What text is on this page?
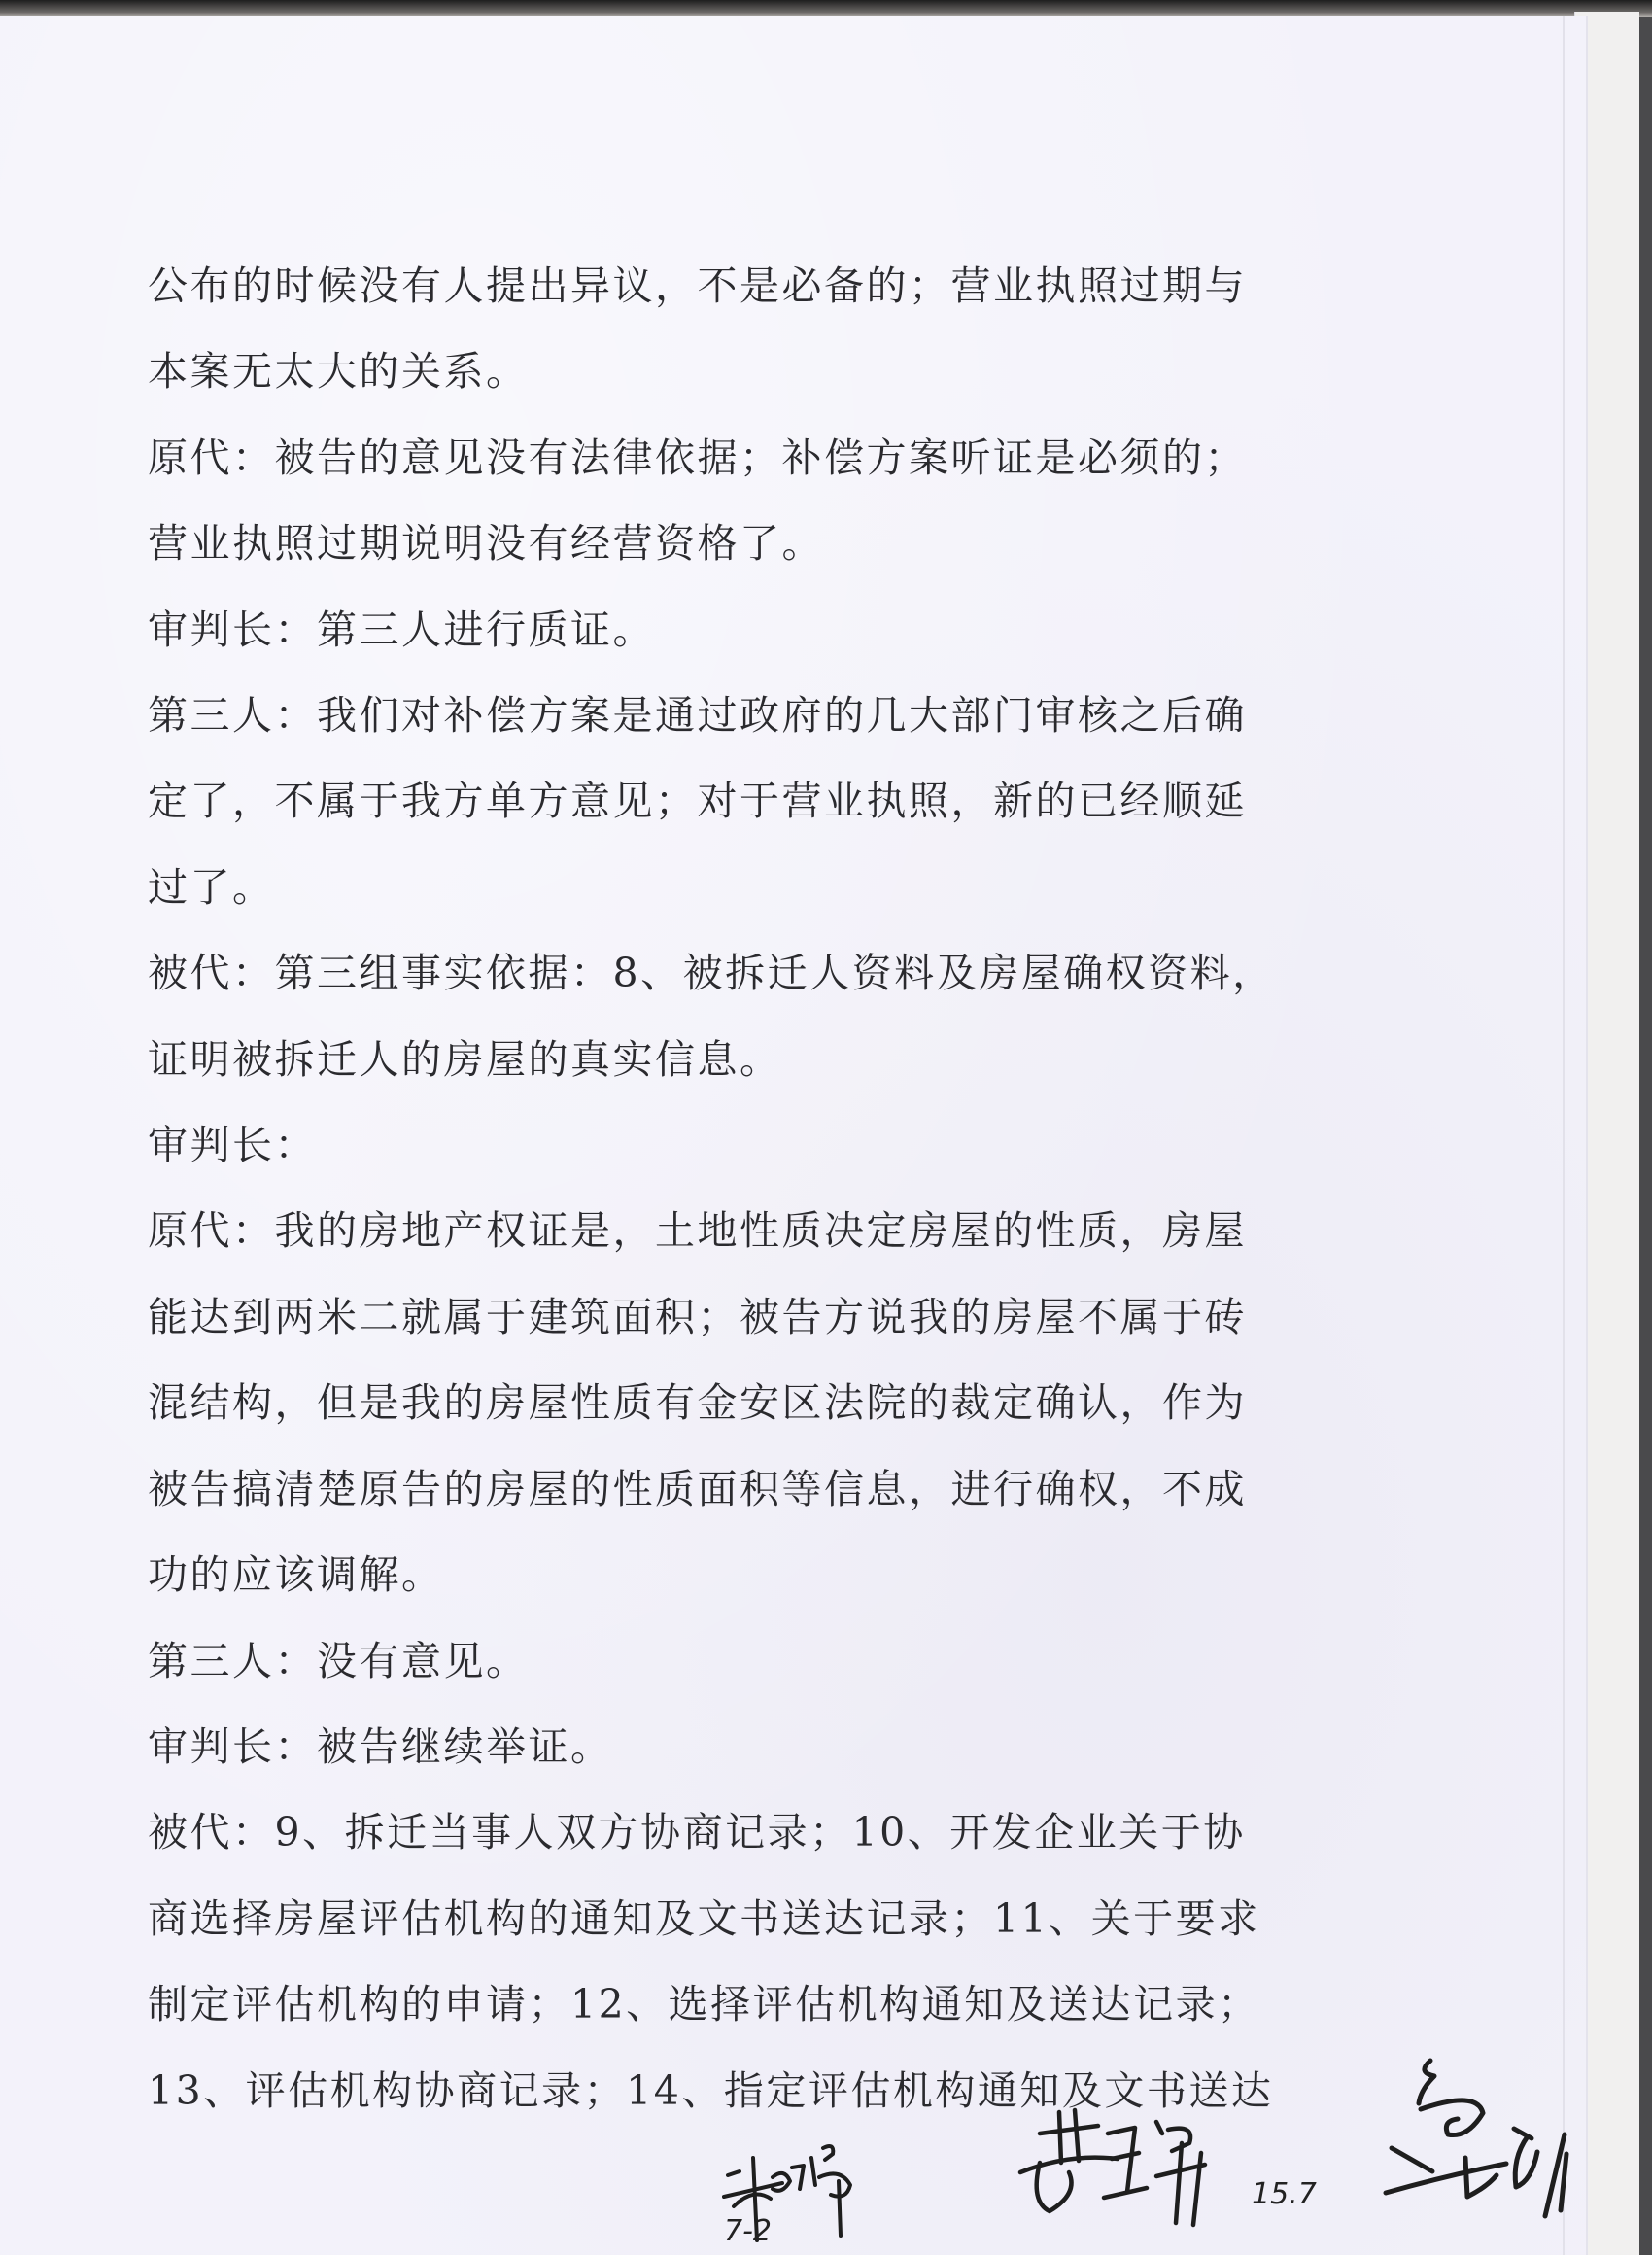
公布的时候没有人提出异议，不是必备的；营业执照过期与
本案无太大的关系。
原代：被告的意见没有法律依据；补偿方案听证是必须的；
营业执照过期说明没有经营资格了。
审判长：第三人进行质证。
第三人：我们对补偿方案是通过政府的几大部门审核之后确
定了，不属于我方单方意见；对于营业执照，新的已经顺延
过了。
被代：第三组事实依据：8、被拆迁人资料及房屋确权资料，
证明被拆迁人的房屋的真实信息。
审判长：
原代：我的房地产权证是，土地性质决定房屋的性质，房屋
能达到两米二就属于建筑面积；被告方说我的房屋不属于砖
混结构，但是我的房屋性质有金安区法院的裁定确认，作为
被告搞清楚原告的房屋的性质面积等信息，进行确权，不成
功的应该调解。
第三人：没有意见。
审判长：被告继续举证。
被代：9、拆迁当事人双方协商记录；10、开发企业关于协
商选择房屋评估机构的通知及文书送达记录；11、关于要求
制定评估机构的申请；12、选择评估机构通知及送达记录；
13、评估机构协商记录；14、指定评估机构通知及文书送达
7-2
15.7
